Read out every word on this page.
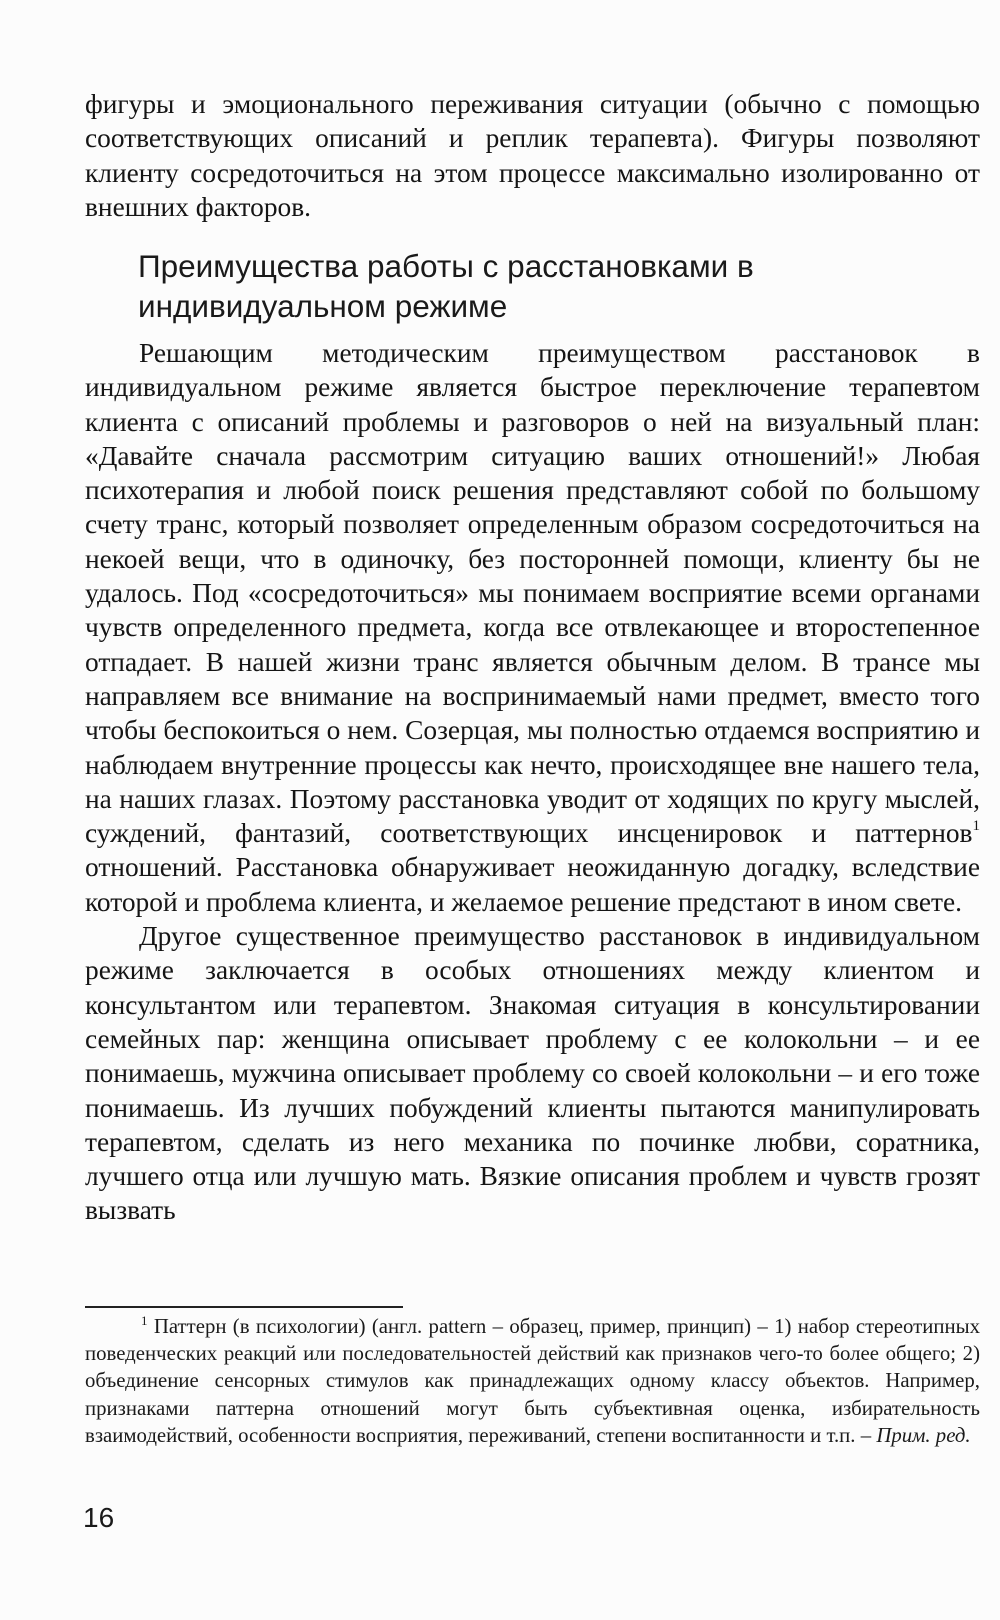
фигуры и эмоционального переживания ситуации (обычно с помощью соответствующих описаний и реплик терапевта). Фигуры позволяют клиенту сосредоточиться на этом процессе максимально изолированно от внешних факторов.

Преимущества работы с расстановками в индивидуальном режиме

Решающим методическим преимуществом расстановок в индивидуальном режиме является быстрое переключение терапевтом клиента с описаний проблемы и разговоров о ней на визуальный план: «Давайте сначала рассмотрим ситуацию ваших отношений!» Любая психотерапия и любой поиск решения представляют собой по большому счету транс, который позволяет определенным образом сосредоточиться на некоей вещи, что в одиночку, без посторонней помощи, клиенту бы не удалось. Под «сосредоточиться» мы понимаем восприятие всеми органами чувств определенного предмета, когда все отвлекающее и второстепенное отпадает. В нашей жизни транс является обычным делом. В трансе мы направляем все внимание на воспринимаемый нами предмет, вместо того чтобы беспокоиться о нем. Созерцая, мы полностью отдаемся восприятию и наблюдаем внутренние процессы как нечто, происходящее вне нашего тела, на наших глазах. Поэтому расстановка уводит от ходящих по кругу мыслей, суждений, фантазий, соответствующих инсценировок и паттернов$^1$ отношений. Расстановка обнаруживает неожиданную догадку, вследствие которой и проблема клиента, и желаемое решение предстают в ином свете.

Другое существенное преимущество расстановок в индивидуальном режиме заключается в особых отношениях между клиентом и консультантом или терапевтом. Знакомая ситуация в консультировании семейных пар: женщина описывает проблему с ее колокольни – и ее понимаешь, мужчина описывает проблему со своей колокольни – и его тоже понимаешь. Из лучших побуждений клиенты пытаются манипулировать терапевтом, сделать из него механика по починке любви, соратника, лучшего отца или лучшую мать. Вязкие описания проблем и чувств грозят вызвать

$^1$ Паттерн (в психологии) (англ. pattern – образец, пример, принцип) – 1) набор стереотипных поведенческих реакций или последовательностей действий как признаков чего-то более общего; 2) объединение сенсорных стимулов как принадлежащих одному классу объектов. Например, признаками паттерна отношений могут быть субъективная оценка, избирательность взаимодействий, особенности восприятия, переживаний, степени воспитанности и т.п. – Прим. ред.

16
